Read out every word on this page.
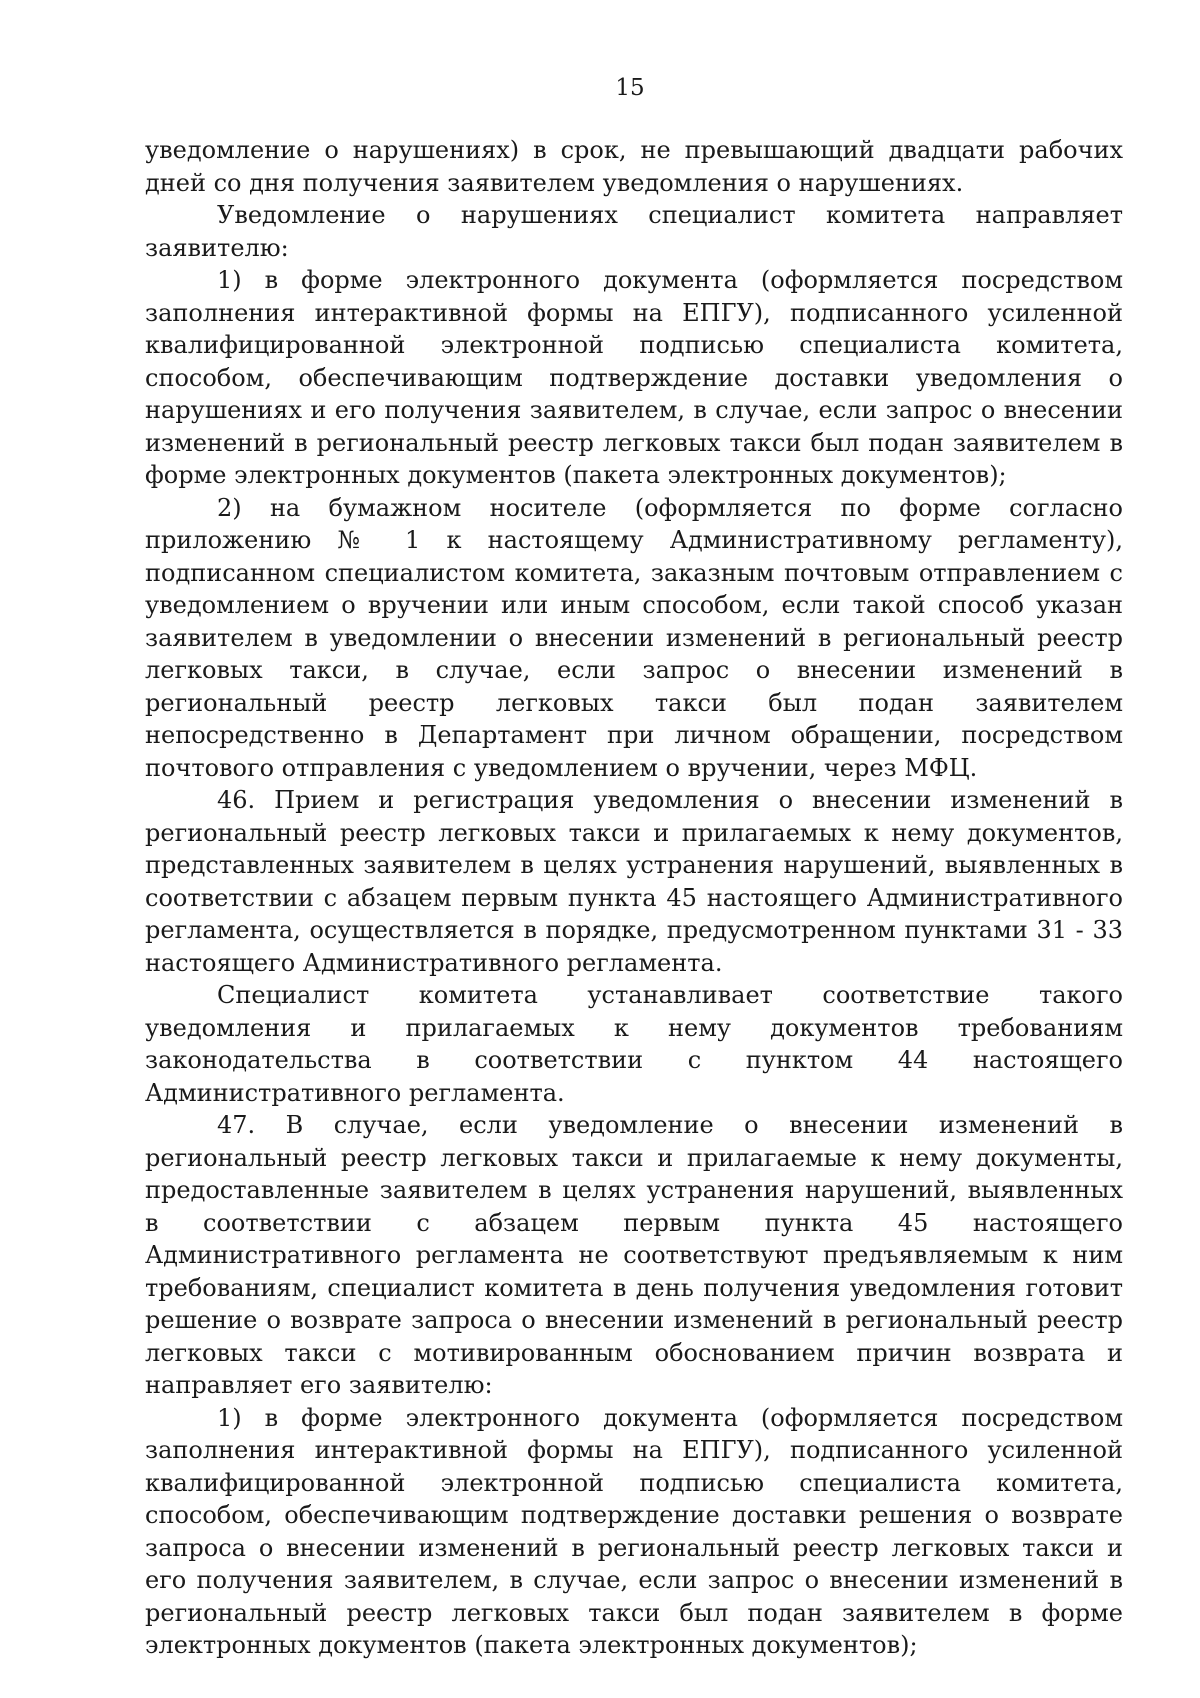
15

уведомление о нарушениях) в срок, не превышающий двадцати рабочих дней со дня получения заявителем уведомления о нарушениях.

Уведомление о нарушениях специалист комитета направляет заявителю:

1) в форме электронного документа (оформляется посредством заполнения интерактивной формы на ЕПГУ), подписанного усиленной квалифицированной электронной подписью специалиста комитета, способом, обеспечивающим подтверждение доставки уведомления о нарушениях и его получения заявителем, в случае, если запрос о внесении изменений в региональный реестр легковых такси был подан заявителем в форме электронных документов (пакета электронных документов);

2) на бумажном носителе (оформляется по форме согласно приложению № 1 к настоящему Административному регламенту), подписанном специалистом комитета, заказным почтовым отправлением с уведомлением о вручении или иным способом, если такой способ указан заявителем в уведомлении о внесении изменений в региональный реестр легковых такси, в случае, если запрос о внесении изменений в региональный реестр легковых такси был подан заявителем непосредственно в Департамент при личном обращении, посредством почтового отправления с уведомлением о вручении, через МФЦ.

46. Прием и регистрация уведомления о внесении изменений в региональный реестр легковых такси и прилагаемых к нему документов, представленных заявителем в целях устранения нарушений, выявленных в соответствии с абзацем первым пункта 45 настоящего Административного регламента, осуществляется в порядке, предусмотренном пунктами 31 - 33 настоящего Административного регламента.

Специалист комитета устанавливает соответствие такого уведомления и прилагаемых к нему документов требованиям законодательства в соответствии с пунктом 44 настоящего Административного регламента.

47. В случае, если уведомление о внесении изменений в региональный реестр легковых такси и прилагаемые к нему документы, предоставленные заявителем в целях устранения нарушений, выявленных в соответствии с абзацем первым пункта 45 настоящего Административного регламента не соответствуют предъявляемым к ним требованиям, специалист комитета в день получения уведомления готовит решение о возврате запроса о внесении изменений в региональный реестр легковых такси с мотивированным обоснованием причин возврата и направляет его заявителю:

1) в форме электронного документа (оформляется посредством заполнения интерактивной формы на ЕПГУ), подписанного усиленной квалифицированной электронной подписью специалиста комитета, способом, обеспечивающим подтверждение доставки решения о возврате запроса о внесении изменений в региональный реестр легковых такси и его получения заявителем, в случае, если запрос о внесении изменений в региональный реестр легковых такси был подан заявителем в форме электронных документов (пакета электронных документов);
